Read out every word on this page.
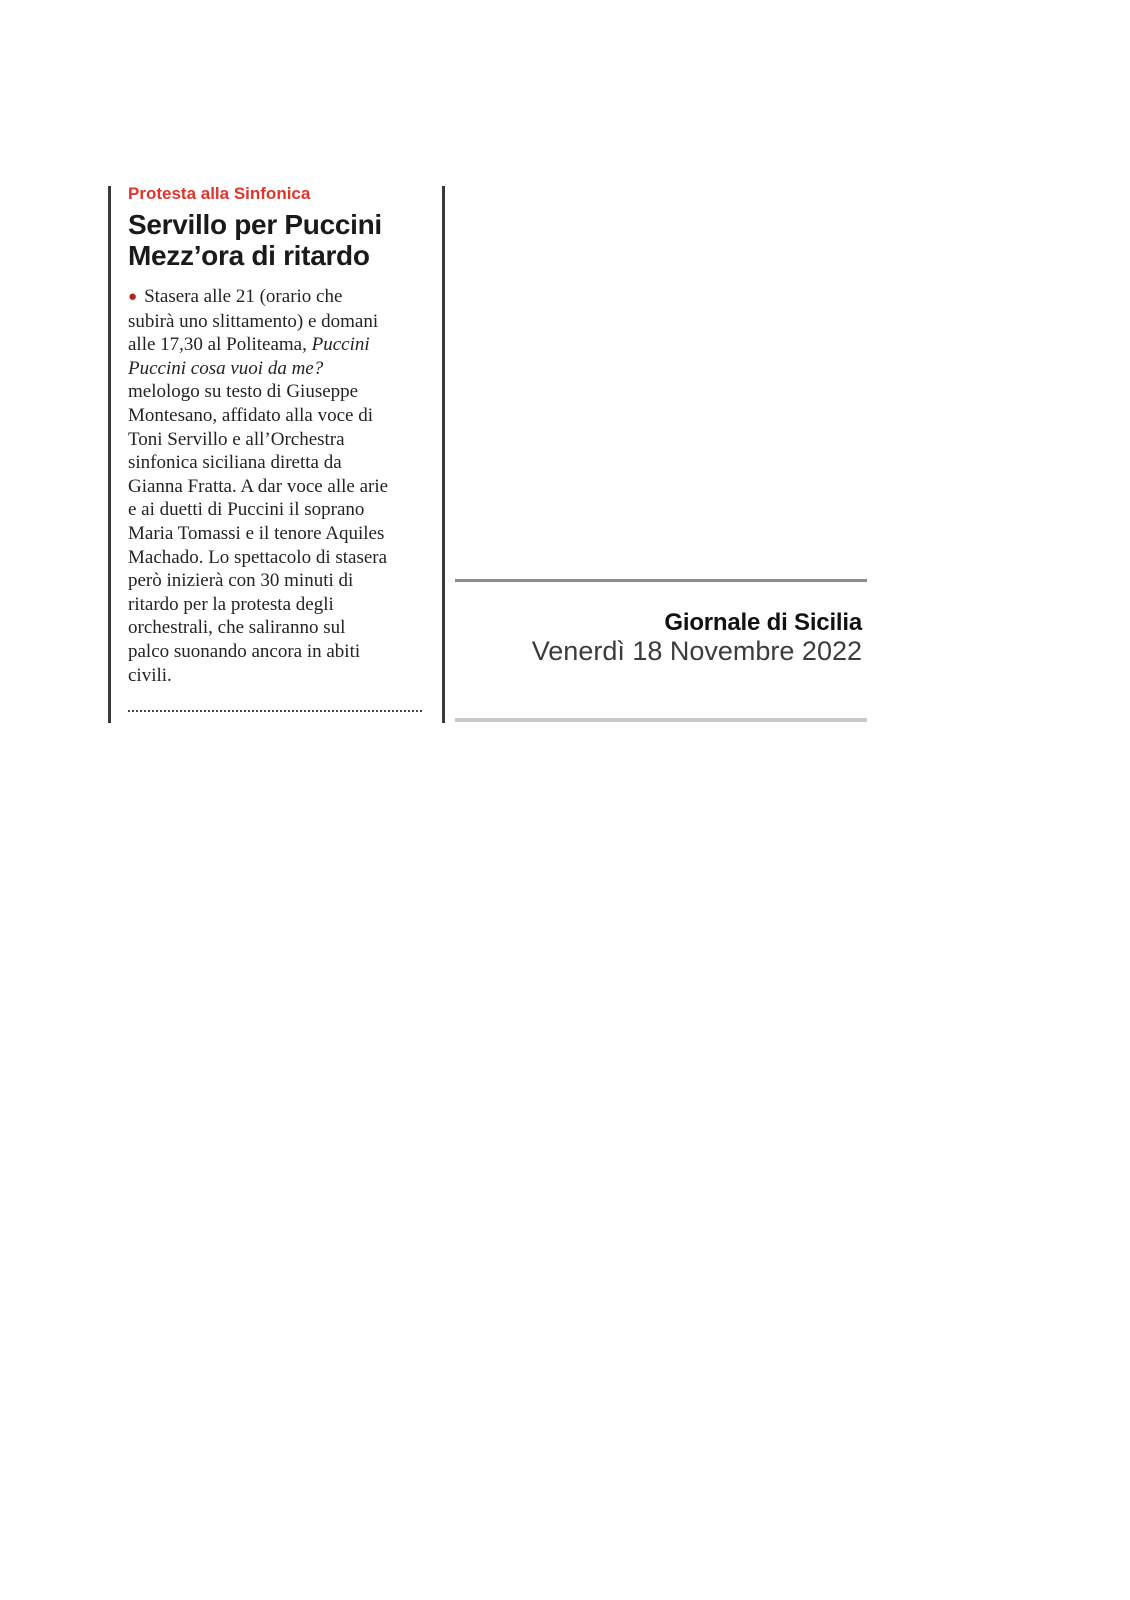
Protesta alla Sinfonica
Servillo per Puccini
Mezz’ora di ritardo
● Stasera alle 21 (orario che
subirà uno slittamento) e domani
alle 17,30 al Politeama, Puccini
Puccini cosa vuoi da me?
melologo su testo di Giuseppe
Montesano, affidato alla voce di
Toni Servillo e all’Orchestra
sinfonica siciliana diretta da
Gianna Fratta. A dar voce alle arie
e ai duetti di Puccini il soprano
Maria Tomassi e il tenore Aquiles
Machado. Lo spettacolo di stasera
però inizierà con 30 minuti di
ritardo per la protesta degli
orchestrali, che saliranno sul
palco suonando ancora in abiti
civili.
Giornale di Sicilia
Venerdì 18 Novembre 2022
